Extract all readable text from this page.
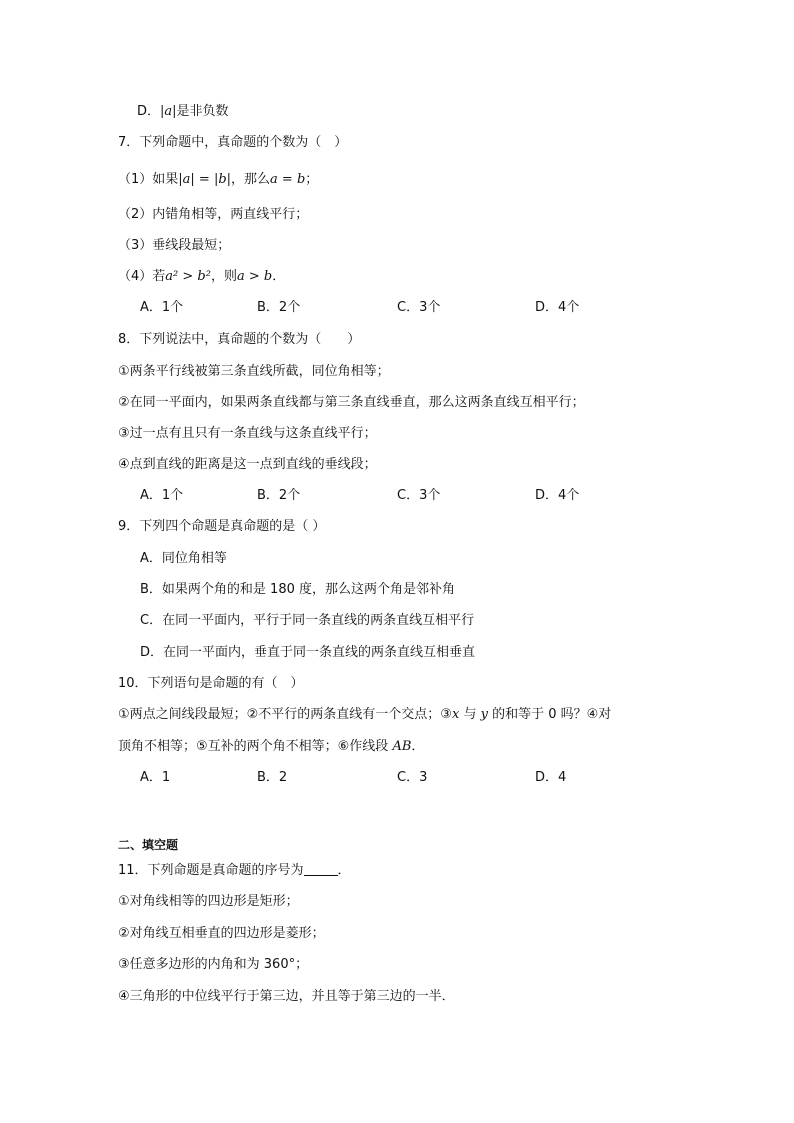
D．|a|是非负数
7．下列命题中，真命题的个数为（　）
（1）如果|a| = |b|，那么a = b；
（2）内错角相等，两直线平行；
（3）垂线段最短；
（4）若a² > b²，则a > b．
A．1个	B．2个	C．3个	D．4个
8．下列说法中，真命题的个数为（　　）
①两条平行线被第三条直线所截，同位角相等；
②在同一平面内，如果两条直线都与第三条直线垂直，那么这两条直线互相平行；
③过一点有且只有一条直线与这条直线平行；
④点到直线的距离是这一点到直线的垂线段；
A．1个	B．2个	C．3个	D．4个
9．下列四个命题是真命题的是（ ）
A．同位角相等
B．如果两个角的和是 180 度，那么这两个角是邻补角
C．在同一平面内，平行于同一条直线的两条直线互相平行
D．在同一平面内，垂直于同一条直线的两条直线互相垂直
10．下列语句是命题的有（　）
①两点之间线段最短；②不平行的两条直线有一个交点；③x 与 y 的和等于 0 吗？④对
顶角不相等；⑤互补的两个角不相等；⑥作线段 AB．
A．1	B．2	C．3	D．4
二、填空题
11．下列命题是真命题的序号为	．
①对角线相等的四边形是矩形；
②对角线互相垂直的四边形是菱形；
③任意多边形的内角和为 360°；
④三角形的中位线平行于第三边，并且等于第三边的一半．
